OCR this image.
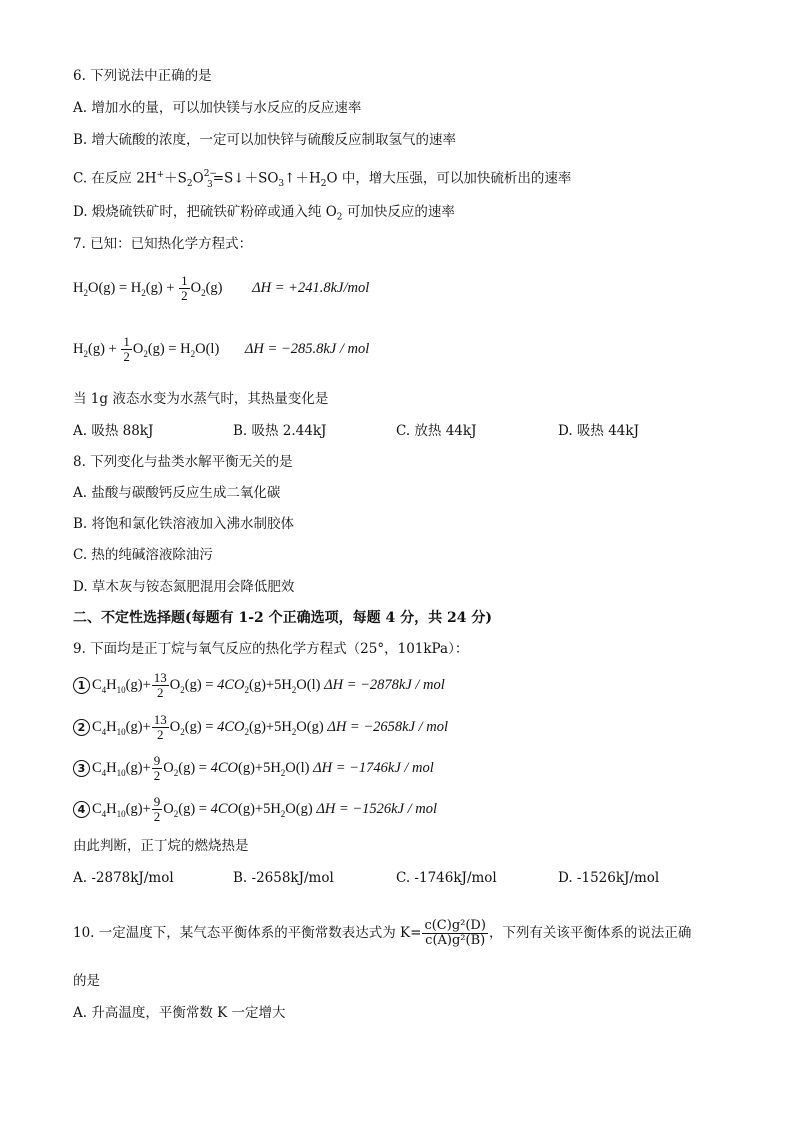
6. 下列说法中正确的是
A. 增加水的量，可以加快镁与水反应的反应速率
B. 增大硫酸的浓度，一定可以加快锌与硫酸反应制取氢气的速率
C. 在反应 $2H^++S_2O_{2-3}=S↓+SO_3↑+H_2O$ 中，增大压强，可以加快硫析出的速率
D. 煅烧硫铁矿时，把硫铁矿粉碎或通入纯 $O_2$ 可加快反应的速率
7. 已知：已知热化学方程式：
$H_2O(g) = H_2(g) + \frac{1}{2} O_2(g) \Delta H = +241.8kJ/mol$
$H_2(g) + \frac{1}{2} O_2(g) = H_2O(l) \Delta H = -285.8kJ$ / mol
当 1g 液态水变为水蒸气时，其热量变化是
A. 吸热 88kJ	B. 吸热 2.44kJ	C. 放热 44kJ	D. 吸热 44kJ
8. 下列变化与盐类水解平衡无关的是
A. 盐酸与碳酸钙反应生成二氧化碳
B. 将饱和氯化铁溶液加入沸水制胶体
C. 热的纯碱溶液除油污
D. 草木灰与铵态氮肥混用会降低肥效
二、不定性选择题(每题有 1-2 个正确选项，每题 4 分，共 24 分)
9. 下面均是正丁烷与氧气反应的热化学方程式（25°，101kPa）：
1 $C_4H_{10}(g)+ \frac{13}{2} O_2(g) = 4CO_2(g)+5H_2O(l) \Delta H = -2878kJ$ / mol
2 $C_4H_{10}(g)+ \frac{13}{2} O_2(g) = 4CO_2(g)+5H_2O(g) \Delta H = -2658kJ$ / mol
3 $C_4H_{10}(g)+ \frac{9}{2} O_2(g) = 4CO(g)+5H_2O(l) \Delta H = -1746kJ$ / mol
4 $C_4H_{10}(g)+ \frac{9}{2} O_2(g) = 4CO(g)+5H_2O(g) \Delta H = -1526kJ$ / mol
由此判断，正丁烷的燃烧热是
A. -2878kJ/mol	B. -2658kJ/mol	C. -1746kJ/mol	D. -1526kJ/mol
10. 一定温度下，某气态平衡体系的平衡常数表达式为 $K= \frac{\text{c(C)g²(D)}}{\text{c(A)g²(B)}}$ ，下列有关该平衡体系的说法正确
的是
A. 升高温度，平衡常数 K 一定增大
